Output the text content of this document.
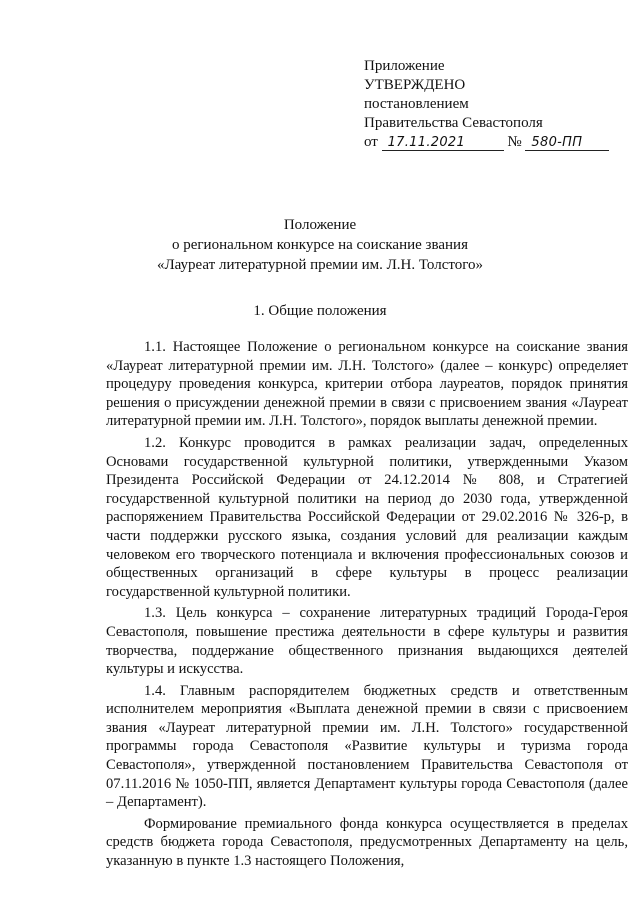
Приложение
УТВЕРЖДЕНО
постановлением
Правительства Севастополя
от 17.11.2021	№ 580-ПП
Положение
о региональном конкурсе на соискание звания
«Лауреат литературной премии им. Л.Н. Толстого»
1. Общие положения

1.1. Настоящее Положение о региональном конкурсе на соискание звания «Лауреат литературной премии им. Л.Н. Толстого» (далее – конкурс) определяет процедуру проведения конкурса, критерии отбора лауреатов, порядок принятия решения о присуждении денежной премии в связи с присвоением звания «Лауреат литературной премии им. Л.Н. Толстого», порядок выплаты денежной премии.

1.2. Конкурс проводится в рамках реализации задач, определенных Основами государственной культурной политики, утвержденными Указом Президента Российской Федерации от 24.12.2014 № 808, и Стратегией государственной культурной политики на период до 2030 года, утвержденной распоряжением Правительства Российской Федерации от 29.02.2016 № 326-р, в части поддержки русского языка, создания условий для реализации каждым человеком его творческого потенциала и включения профессиональных союзов и общественных организаций в сфере культуры в процесс реализации государственной культурной политики.

1.3. Цель конкурса – сохранение литературных традиций Города-Героя Севастополя, повышение престижа деятельности в сфере культуры и развития творчества, поддержание общественного признания выдающихся деятелей культуры и искусства.

1.4. Главным распорядителем бюджетных средств и ответственным исполнителем мероприятия «Выплата денежной премии в связи с присвоением звания «Лауреат литературной премии им. Л.Н. Толстого» государственной программы города Севастополя «Развитие культуры и туризма города Севастополя», утвержденной постановлением Правительства Севастополя от 07.11.2016 № 1050-ПП, является Департамент культуры города Севастополя (далее – Департамент).

Формирование премиального фонда конкурса осуществляется в пределах средств бюджета города Севастополя, предусмотренных Департаменту на цель, указанную в пункте 1.3 настоящего Положения,
